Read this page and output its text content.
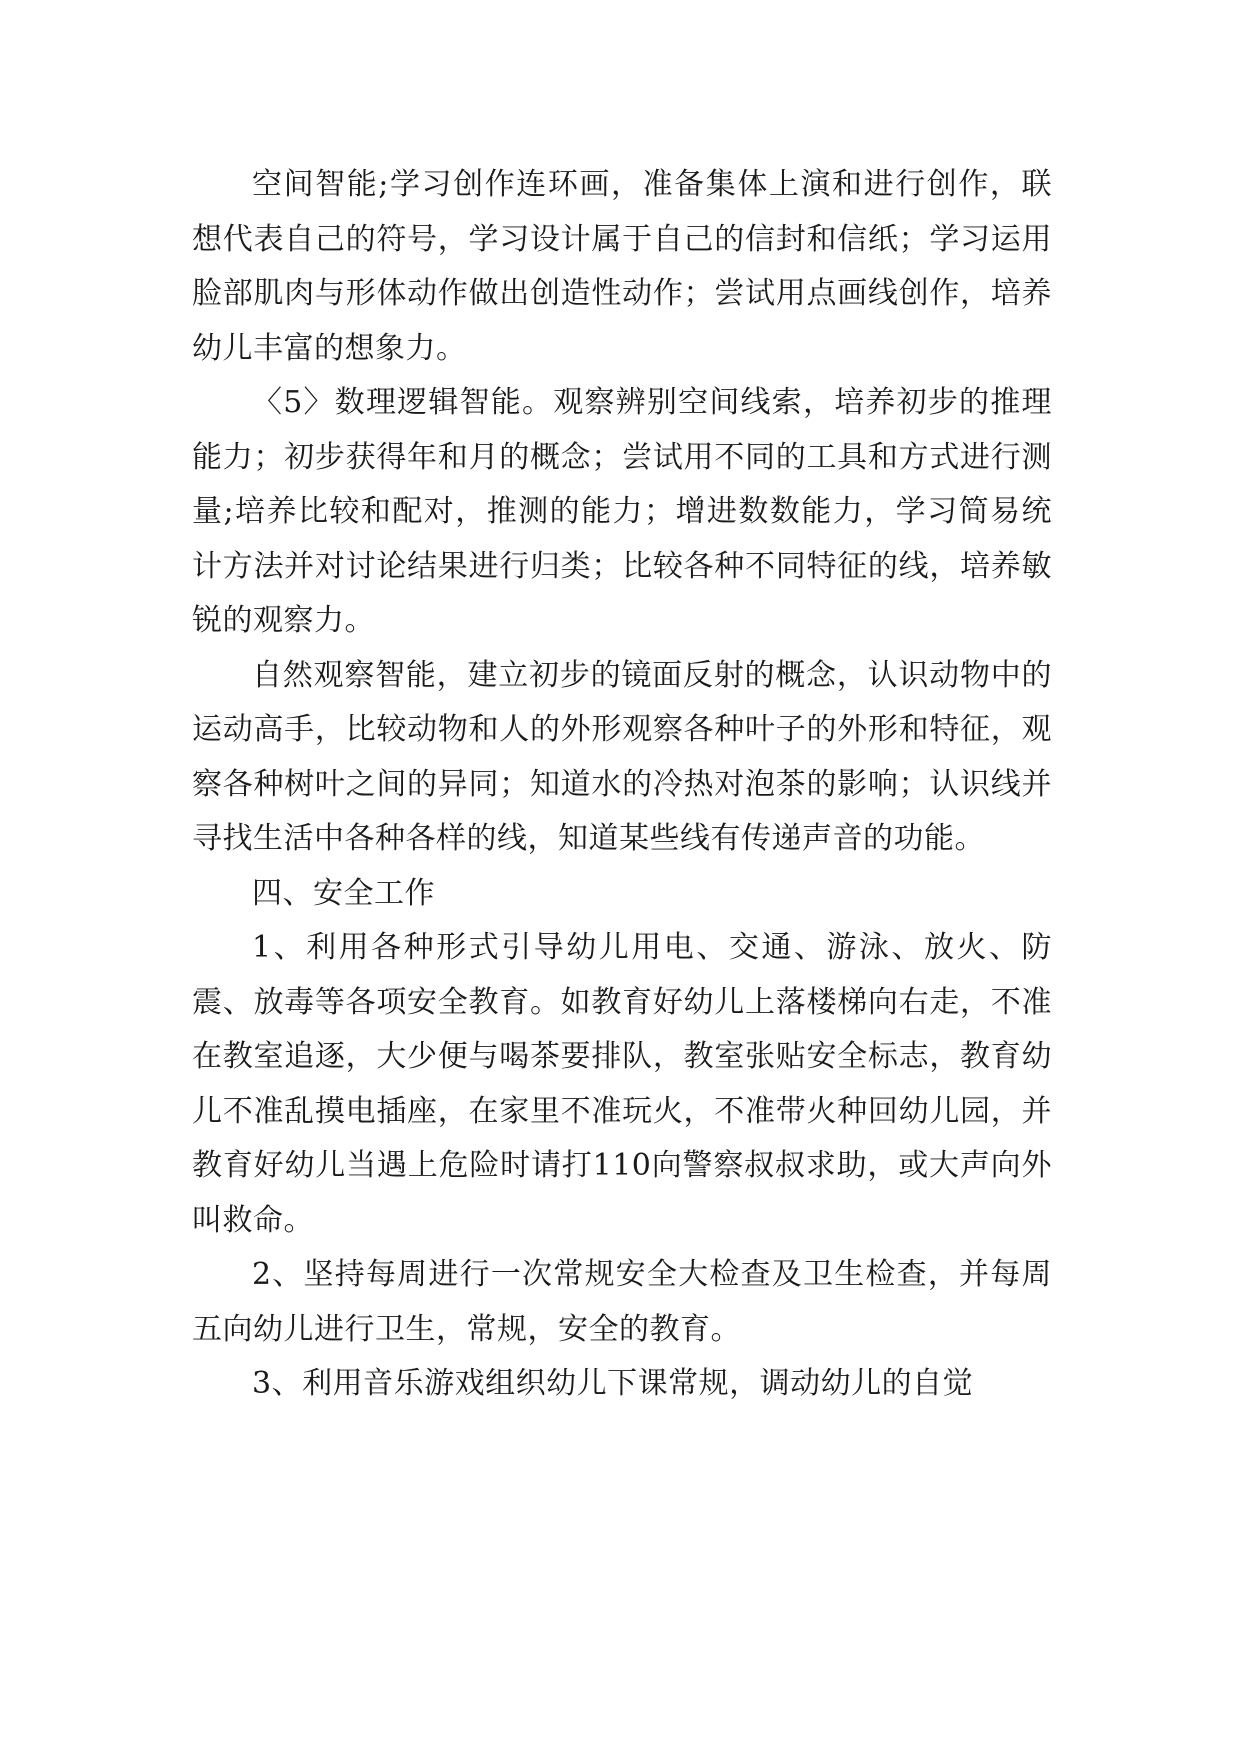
空间智能;学习创作连环画，准备集体上演和进行创作，联想代表自己的符号，学习设计属于自己的信封和信纸；学习运用脸部肌肉与形体动作做出创造性动作；尝试用点画线创作，培养幼儿丰富的想象力。

〈5〉数理逻辑智能。观察辨别空间线索，培养初步的推理能力；初步获得年和月的概念；尝试用不同的工具和方式进行测量;培养比较和配对，推测的能力；增进数数能力，学习简易统计方法并对讨论结果进行归类；比较各种不同特征的线，培养敏锐的观察力。

自然观察智能，建立初步的镜面反射的概念，认识动物中的运动高手，比较动物和人的外形观察各种叶子的外形和特征，观察各种树叶之间的异同；知道水的冷热对泡茶的影响；认识线并寻找生活中各种各样的线，知道某些线有传递声音的功能。

四、安全工作

1、利用各种形式引导幼儿用电、交通、游泳、放火、防震、放毒等各项安全教育。如教育好幼儿上落楼梯向右走，不准在教室追逐，大少便与喝茶要排队，教室张贴安全标志，教育幼儿不准乱摸电插座，在家里不准玩火，不准带火种回幼儿园，并教育好幼儿当遇上危险时请打110向警察叔叔求助，或大声向外叫救命。

2、坚持每周进行一次常规安全大检查及卫生检查，并每周五向幼儿进行卫生，常规，安全的教育。

3、利用音乐游戏组织幼儿下课常规，调动幼儿的自觉
